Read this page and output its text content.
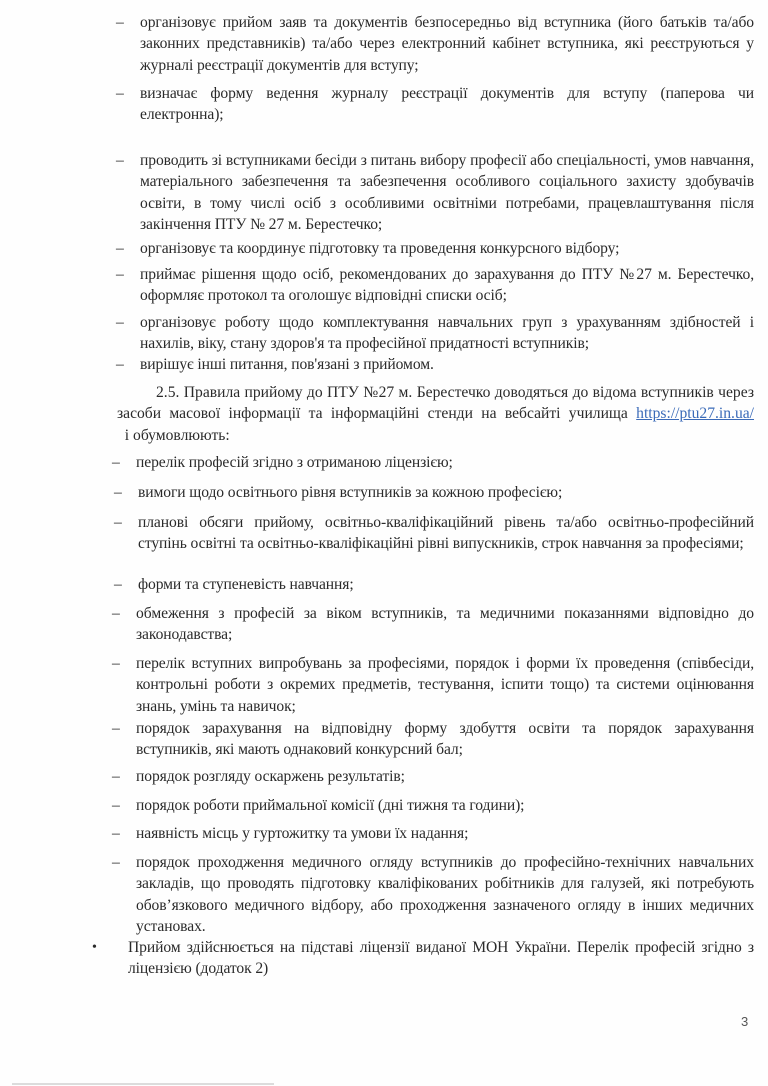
– організовує прийом заяв та документів безпосередньо від вступника (його батьків та/або законних представників) та/або через електронний кабінет вступника, які реєструються у журналі реєстрації документів для вступу;
– визначає форму ведення журналу реєстрації документів для вступу (паперова чи електронна);
– проводить зі вступниками бесіди з питань вибору професії або спеціальності, умов навчання, матеріального забезпечення та забезпечення особливого соціального захисту здобувачів освіти, в тому числі осіб з особливими освітніми потребами, працевлаштування після закінчення ПТУ № 27 м. Берестечко;
– організовує та координує підготовку та проведення конкурсного відбору;
– приймає рішення щодо осіб, рекомендованих до зарахування до ПТУ №27 м. Берестечко, оформляє протокол та оголошує відповідні списки осіб;
– організовує роботу щодо комплектування навчальних груп з урахуванням здібностей і нахилів, віку, стану здоров'я та професійної придатності вступників;
– вирішує інші питання, пов'язані з прийомом.
2.5. Правила прийому до ПТУ №27 м. Берестечко доводяться до відома вступників через засоби масової інформації та інформаційні стенди на вебсайті училища https://ptu27.in.ua/  і обумовлюють:
– перелік професій згідно з отриманою ліцензією;
– вимоги щодо освітнього рівня вступників за кожною професією;
– планові обсяги прийому, освітньо-кваліфікаційний рівень та/або освітньо-професійний ступінь освітні та освітньо-кваліфікаційні рівні випускників, строк навчання за професіями;
– форми та ступеневість навчання;
– обмеження з професій за віком вступників, та медичними показаннями відповідно до законодавства;
– перелік вступних випробувань за професіями, порядок і форми їх проведення (співбесіди, контрольні роботи з окремих предметів, тестування, іспити тощо) та системи оцінювання знань, умінь та навичок;
– порядок зарахування на відповідну форму здобуття освіти та порядок зарахування вступників, які мають однаковий конкурсний бал;
– порядок розгляду оскаржень результатів;
– порядок роботи приймальної комісії (дні тижня та години);
– наявність місць у гуртожитку та умови їх надання;
– порядок проходження медичного огляду вступників до професійно-технічних навчальних закладів, що проводять підготовку кваліфікованих робітників для галузей, які потребують обов’язкового медичного відбору, або проходження зазначеного огляду в інших медичних установах.
• Прийом здійснюється на підставі ліцензії виданої МОН України. Перелік професій згідно з ліцензією (додаток 2)
3
